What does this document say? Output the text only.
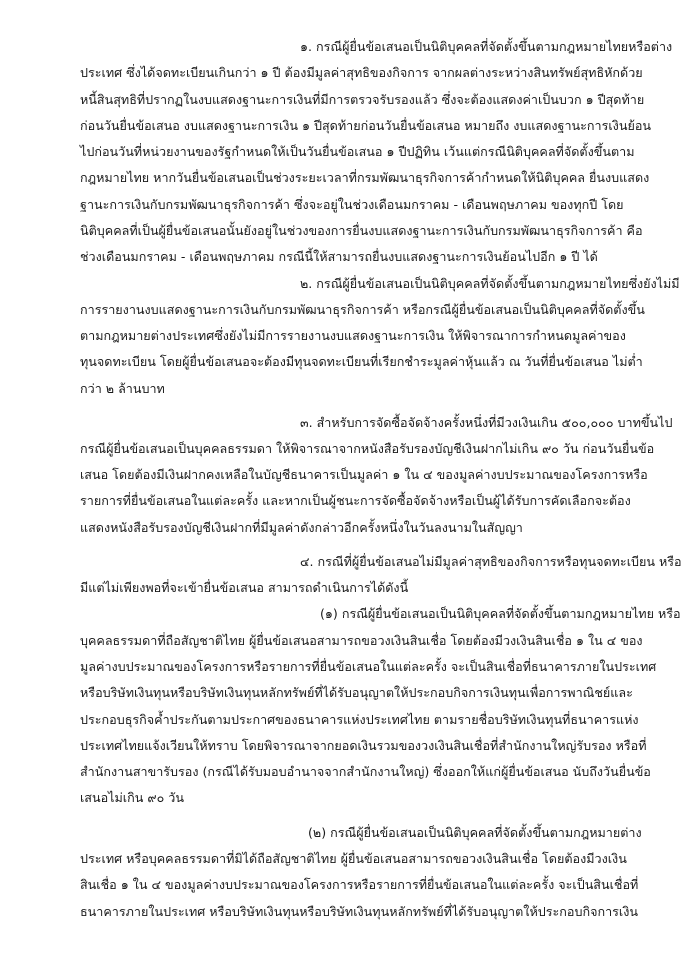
๑. กรณีผู้ยื่นข้อเสนอเป็นนิติบุคคลที่จัดตั้งขึ้นตามกฎหมายไทยหรือต่าง
ประเทศ ซึ่งได้จดทะเบียนเกินกว่า ๑ ปี ต้องมีมูลค่าสุทธิของกิจการ จากผลต่างระหว่างสินทรัพย์สุทธิหักด้วย
หนี้สินสุทธิที่ปรากฏในงบแสดงฐานะการเงินที่มีการตรวจรับรองแล้ว ซึ่งจะต้องแสดงค่าเป็นบวก ๑ ปีสุดท้าย
ก่อนวันยื่นข้อเสนอ งบแสดงฐานะการเงิน ๑ ปีสุดท้ายก่อนวันยื่นข้อเสนอ หมายถึง งบแสดงฐานะการเงินย้อน
ไปก่อนวันที่หน่วยงานของรัฐกำหนดให้เป็นวันยื่นข้อเสนอ ๑ ปีปฏิทิน เว้นแต่กรณีนิติบุคคลที่จัดตั้งขึ้นตาม
กฎหมายไทย หากวันยื่นข้อเสนอเป็นช่วงระยะเวลาที่กรมพัฒนาธุรกิจการค้ากำหนดให้นิติบุคคล ยื่นงบแสดง
ฐานะการเงินกับกรมพัฒนาธุรกิจการค้า ซึ่งจะอยู่ในช่วงเดือนมกราคม - เดือนพฤษภาคม ของทุกปี โดย
นิติบุคคลที่เป็นผู้ยื่นข้อเสนอนั้นยังอยู่ในช่วงของการยื่นงบแสดงฐานะการเงินกับกรมพัฒนาธุรกิจการค้า คือ
ช่วงเดือนมกราคม - เดือนพฤษภาคม กรณีนี้ให้สามารถยื่นงบแสดงฐานะการเงินย้อนไปอีก ๑ ปี ได้
๒. กรณีผู้ยื่นข้อเสนอเป็นนิติบุคคลที่จัดตั้งขึ้นตามกฎหมายไทยซึ่งยังไม่มี
การรายงานงบแสดงฐานะการเงินกับกรมพัฒนาธุรกิจการค้า หรือกรณีผู้ยื่นข้อเสนอเป็นนิติบุคคลที่จัดตั้งขึ้น
ตามกฎหมายต่างประเทศซึ่งยังไม่มีการรายงานงบแสดงฐานะการเงิน ให้พิจารณาการกำหนดมูลค่าของ
ทุนจดทะเบียน โดยผู้ยื่นข้อเสนอจะต้องมีทุนจดทะเบียนที่เรียกชำระมูลค่าหุ้นแล้ว ณ วันที่ยื่นข้อเสนอ ไม่ต่ำ
กว่า ๒ ล้านบาท
๓. สำหรับการจัดซื้อจัดจ้างครั้งหนึ่งที่มีวงเงินเกิน ๕๐๐,๐๐๐ บาทขึ้นไป
กรณีผู้ยื่นข้อเสนอเป็นบุคคลธรรมดา ให้พิจารณาจากหนังสือรับรองบัญชีเงินฝากไม่เกิน ๙๐ วัน ก่อนวันยื่นข้อ
เสนอ โดยต้องมีเงินฝากคงเหลือในบัญชีธนาคารเป็นมูลค่า ๑ ใน ๔ ของมูลค่างบประมาณของโครงการหรือ
รายการที่ยื่นข้อเสนอในแต่ละครั้ง และหากเป็นผู้ชนะการจัดซื้อจัดจ้างหรือเป็นผู้ได้รับการคัดเลือกจะต้อง
แสดงหนังสือรับรองบัญชีเงินฝากที่มีมูลค่าดังกล่าวอีกครั้งหนึ่งในวันลงนามในสัญญา
๔. กรณีที่ผู้ยื่นข้อเสนอไม่มีมูลค่าสุทธิของกิจการหรือทุนจดทะเบียน หรือ
มีแต่ไม่เพียงพอที่จะเข้ายื่นข้อเสนอ สามารถดำเนินการได้ดังนี้
(๑) กรณีผู้ยื่นข้อเสนอเป็นนิติบุคคลที่จัดตั้งขึ้นตามกฎหมายไทย หรือ
บุคคลธรรมดาที่ถือสัญชาติไทย ผู้ยื่นข้อเสนอสามารถขอวงเงินสินเชื่อ โดยต้องมีวงเงินสินเชื่อ ๑ ใน ๔ ของ
มูลค่างบประมาณของโครงการหรือรายการที่ยื่นข้อเสนอในแต่ละครั้ง จะเป็นสินเชื่อที่ธนาคารภายในประเทศ
หรือบริษัทเงินทุนหรือบริษัทเงินทุนหลักทรัพย์ที่ได้รับอนุญาตให้ประกอบกิจการเงินทุนเพื่อการพาณิชย์และ
ประกอบธุรกิจค้ำประกันตามประกาศของธนาคารแห่งประเทศไทย ตามรายชื่อบริษัทเงินทุนที่ธนาคารแห่ง
ประเทศไทยแจ้งเวียนให้ทราบ โดยพิจารณาจากยอดเงินรวมของวงเงินสินเชื่อที่สำนักงานใหญ่รับรอง หรือที่
สำนักงานสาขารับรอง (กรณีได้รับมอบอำนาจจากสำนักงานใหญ่) ซึ่งออกให้แก่ผู้ยื่นข้อเสนอ นับถึงวันยื่นข้อ
เสนอไม่เกิน ๙๐ วัน
(๒) กรณีผู้ยื่นข้อเสนอเป็นนิติบุคคลที่จัดตั้งขึ้นตามกฎหมายต่าง
ประเทศ หรือบุคคลธรรมดาที่มิได้ถือสัญชาติไทย ผู้ยื่นข้อเสนอสามารถขอวงเงินสินเชื่อ โดยต้องมีวงเงิน
สินเชื่อ ๑ ใน ๔ ของมูลค่างบประมาณของโครงการหรือรายการที่ยื่นข้อเสนอในแต่ละครั้ง จะเป็นสินเชื่อที่
ธนาคารภายในประเทศ หรือบริษัทเงินทุนหรือบริษัทเงินทุนหลักทรัพย์ที่ได้รับอนุญาตให้ประกอบกิจการเงิน
